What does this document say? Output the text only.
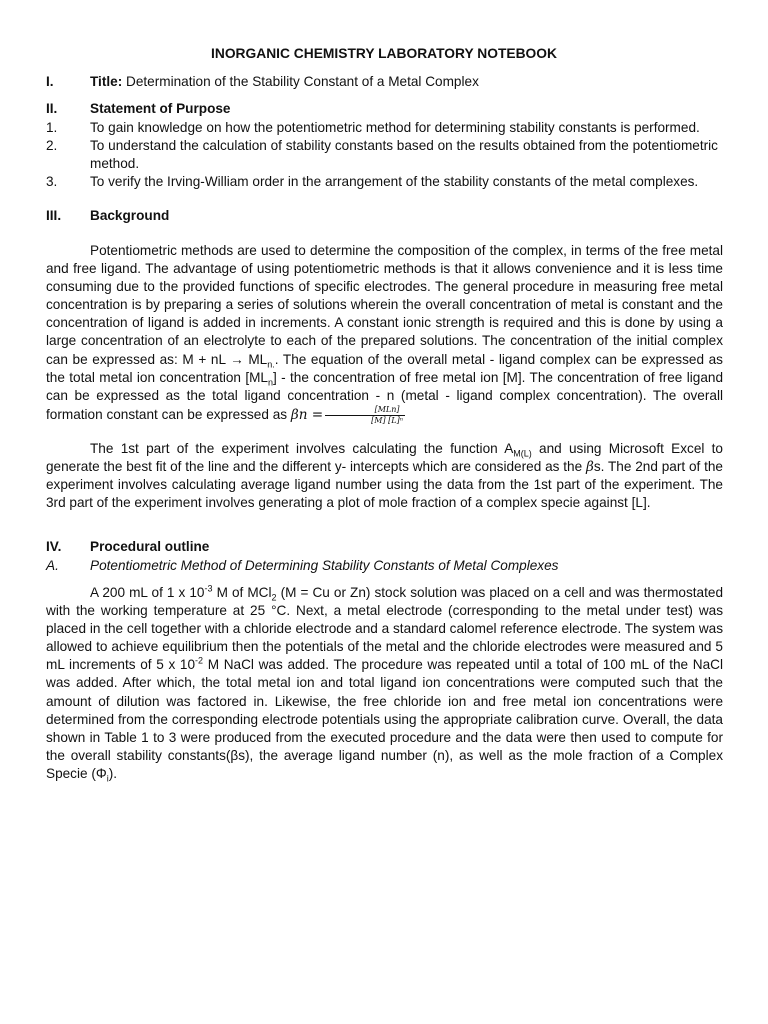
INORGANIC CHEMISTRY LABORATORY NOTEBOOK
I.	Title: Determination of the Stability Constant of a Metal Complex
II. Statement of Purpose
1.	To gain knowledge on how the potentiometric method for determining stability constants is performed.
2.	To understand the calculation of stability constants based on the results obtained from the potentiometric method.
3.	To verify the Irving-William order in the arrangement of the stability constants of the metal complexes.
III. Background
Potentiometric methods are used to determine the composition of the complex, in terms of the free metal and free ligand. The advantage of using potentiometric methods is that it allows convenience and it is less time consuming due to the provided functions of specific electrodes. The general procedure in measuring free metal concentration is by preparing a series of solutions wherein the overall concentration of metal is constant and the concentration of ligand is added in increments. A constant ionic strength is required and this is done by using a large concentration of an electrolyte to each of the prepared solutions. The concentration of the initial complex can be expressed as: M + nL → $ML_{n.}$. The equation of the overall metal - ligand complex can be expressed as the total metal ion concentration $[ML_n]$ - the concentration of free metal ion [M]. The concentration of free ligand can be expressed as the total ligand concentration - n (metal - ligand complex concentration). The overall formation constant can be expressed as $\beta n = \frac{\text{[MLn]}}{\text{[M] [L]ⁿ}}$
The 1st part of the experiment involves calculating the function $A_{M(L)}$ and using Microsoft Excel to generate the best fit of the line and the different y- intercepts which are considered as the βs. The 2nd part of the experiment involves calculating average ligand number using the data from the 1st part of the experiment. The 3rd part of the experiment involves generating a plot of mole fraction of a complex specie against [L].
IV. Procedural outline
A.	Potentiometric Method of Determining Stability Constants of Metal Complexes
A 200 mL of 1 x $10^{-3}$ M of MCl$_2$ (M = Cu or Zn) stock solution was placed on a cell and was thermostated with the working temperature at 25 °C. Next, a metal electrode (corresponding to the metal under test) was placed in the cell together with a chloride electrode and a standard calomel reference electrode. The system was allowed to achieve equilibrium then the potentials of the metal and the chloride electrodes were measured and 5 mL increments of 5 x $10^{-2}$ M NaCl was added. The procedure was repeated until a total of 100 mL of the NaCl was added. After which, the total metal ion and total ligand ion concentrations were computed such that the amount of dilution was factored in. Likewise, the free chloride ion and free metal ion concentrations were determined from the corresponding electrode potentials using the appropriate calibration curve. Overall, the data shown in Table 1 to 3 were produced from the executed procedure and the data were then used to compute for the overall stability constants(βs), the average ligand number (n), as well as the mole fraction of a Complex Specie $(\Phi_i)$.
